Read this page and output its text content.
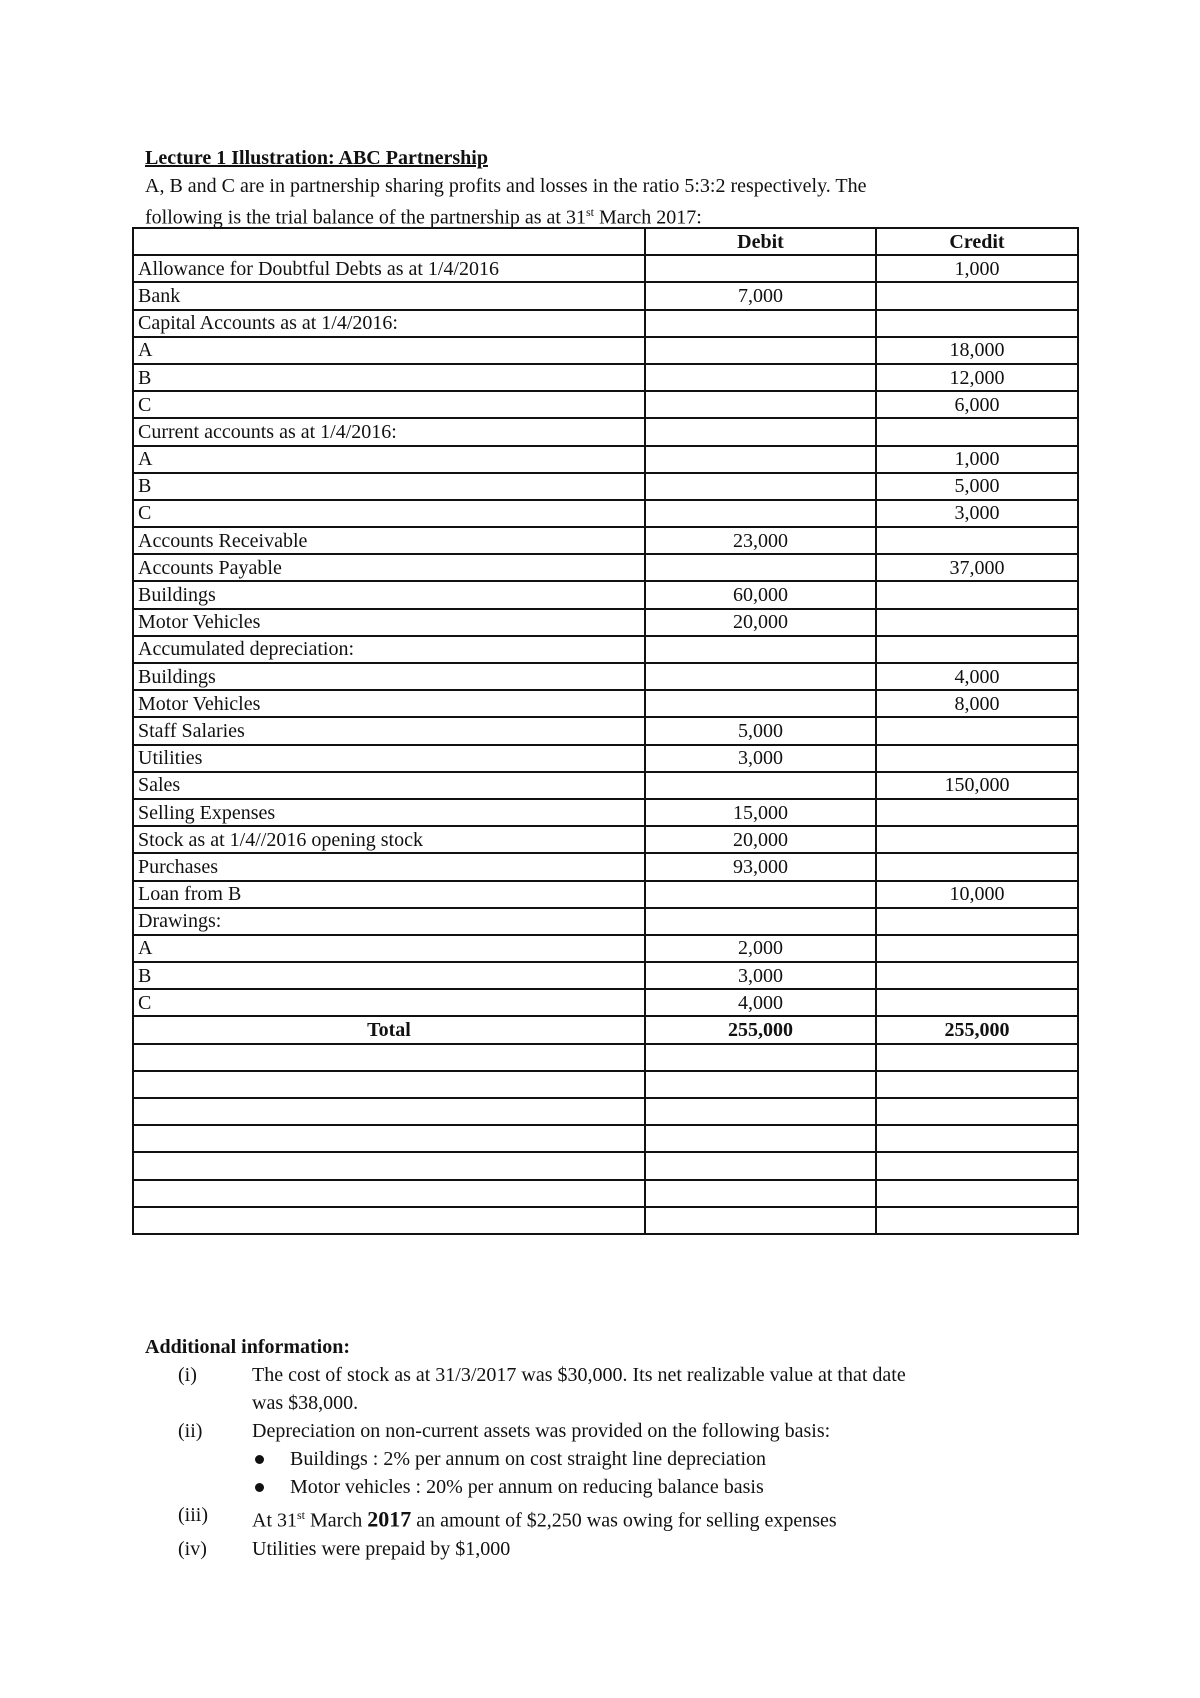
Lecture 1 Illustration: ABC Partnership
A, B and C are in partnership sharing profits and losses in the ratio 5:3:2 respectively. The
following is the trial balance of the partnership as at 31st March 2017:
	Debit	Credit
Allowance for Doubtful Debts as at 1/4/2016		1,000
Bank	7,000	
Capital Accounts as at 1/4/2016:		
A		18,000
B		12,000
C		6,000
Current accounts as at 1/4/2016:		
A		1,000
B		5,000
C		3,000
Accounts Receivable	23,000	
Accounts Payable		37,000
Buildings	60,000	
Motor Vehicles	20,000	
Accumulated depreciation:		
Buildings		4,000
Motor Vehicles		8,000
Staff Salaries	5,000	
Utilities	3,000	
Sales		150,000
Selling Expenses	15,000	
Stock as at 1/4//2016 opening stock	20,000	
Purchases	93,000	
Loan from B		10,000
Drawings:		
A	2,000	
B	3,000	
C	4,000	
Total	255,000	255,000

Additional information:
(i)	The cost of stock as at 31/3/2017 was $30,000. Its net realizable value at that date
was $38,000.
(ii) Depreciation on non-current assets was provided on the following basis:
Buildings : 2% per annum on cost straight line depreciation
Motor vehicles : 20% per annum on reducing balance basis
(iii) At 31st March 2017 an amount of $2,250 was owing for selling expenses
(iv) Utilities were prepaid by $1,000
